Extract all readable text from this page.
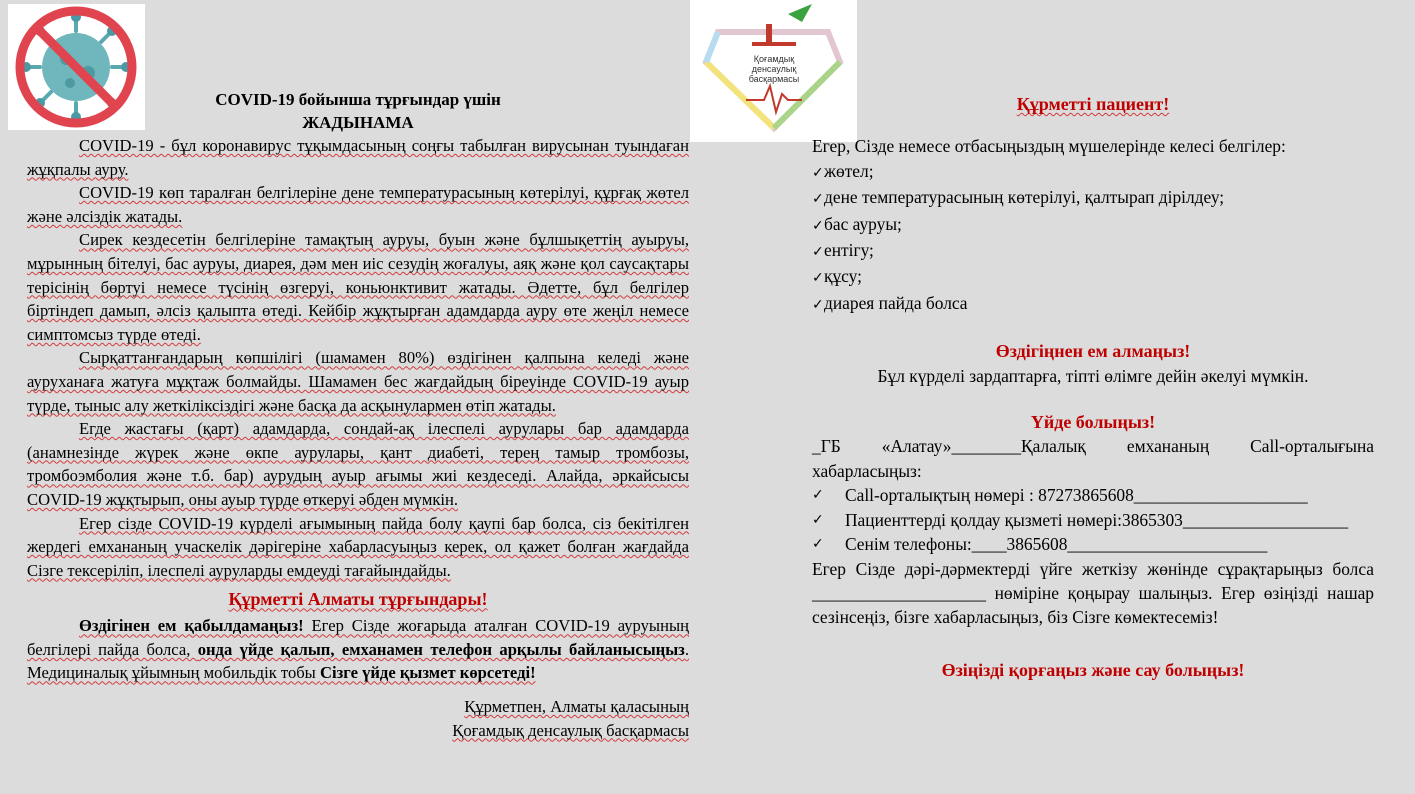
Қоғамдық
денсаулық
басқармасы
COVID-19 бойынша тұрғындар үшін
ЖАДЫНАМА

COVID-19 - бұл коронавирус тұқымдасының соңғы табылған вирусынан туындаған жұқпалы ауру.

COVID-19 көп таралған белгілеріне дене температурасының көтерілуі, құрғақ жөтел және әлсіздік жатады.

Сирек кездесетін белгілеріне тамақтың ауруы, буын және бұлшықеттің ауыруы, мұрынның бітелуі, бас ауруы, диарея, дәм мен иіс сезудің жоғалуы, аяқ және қол саусақтары терісінің бөртуі немесе түсінің өзгеруі, коньюнктивит жатады. Әдетте, бұл белгілер біртіндеп дамып, әлсіз қалыпта өтеді. Кейбір жұқтырған адамдарда ауру өте жеңіл немесе симптомсыз түрде өтеді.

Сырқаттанғандарың көпшілігі (шамамен 80%) өздігінен қалпына келеді және ауруханаға жатуға мұқтаж болмайды. Шамамен бес жағдайдың біреуінде COVID-19 ауыр түрде, тыныс алу жеткіліксіздігі және басқа да асқынулармен өтіп жатады.

Егде жастағы (қарт) адамдарда, сондай-ақ ілеспелі аурулары бар адамдарда (анамнезінде жүрек және өкпе аурулары, қант диабеті, терең тамыр тромбозы, тромбоэмболия және т.б. бар) аурудың ауыр ағымы жиі кездеседі. Алайда, әркайсысы COVID-19 жұқтырып, оны ауыр түрде өткеруі әбден мүмкін.

Егер сізде COVID-19 күрделі ағымының пайда болу қаупі бар болса, сіз бекітілген жердегі емхананың учаскелік дәрігеріне хабарласуыңыз керек, ол қажет болған жағдайда Сізге тексеріліп, ілеспелі ауруларды емдеуді тағайындайды.

Құрметті Алматы тұрғындары!

Өздігінен ем қабылдамаңыз! Егер Сізде жоғарыда аталған COVID-19 ауруының белгілері пайда болса, онда үйде қалып, емханамен телефон арқылы байланысыңыз. Медициналық ұйымның мобильдік тобы Сізге үйде қызмет көрсетеді!

Құрметпен, Алматы қаласының

Қоғамдық денсаулық басқармасы

Құрметті пациент!

Егер, Сізде немесе отбасыңыздың мүшелерінде келесі белгілер:

✓жөтел;
✓дене температурасының көтерілуі, қалтырап дірілдеу;
✓бас ауруы;
✓ентігу;
✓құсу;
✓диарея пайда болса
Өздігіңнен ем алмаңыз!
Бұл күрделі зардаптарға, тіпті өлімге дейін әкелуі мүмкін.
Үйде болыңыз!

_ГБ «Алатау»________Қалалық емхананың Call-орталығына хабарласыңыз:

✓	Call-орталықтың нөмері : 87273865608____________________
✓	Пациенттерді қолдау қызметі нөмері:3865303___________________
✓	Сенім телефоны:____3865608_______________________

Егер Сізде дәрі-дәрмектерді үйге жеткізу жөнінде сұрақтарыңыз болса ____________________ нөміріне қоңырау шалыңыз. Егер өзіңізді нашар сезінсеңіз, бізге хабарласыңыз, біз Сізге көмектесеміз!

Өзіңізді қорғаңыз және сау болыңыз!
